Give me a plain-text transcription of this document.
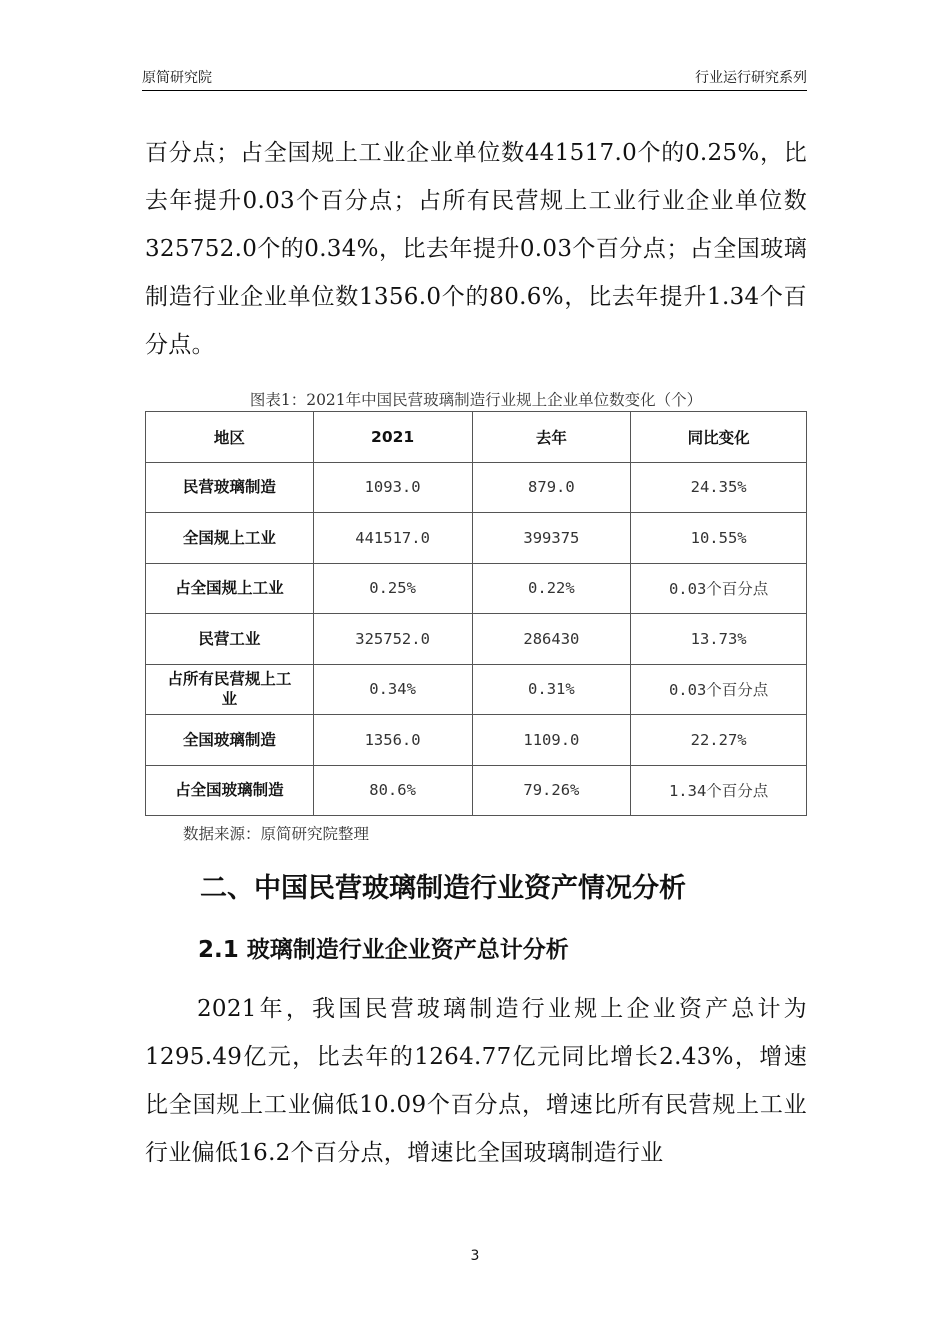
原简研究院	行业运行研究系列
百分点；占全国规上工业企业单位数441517.0个的0.25%，比去年提升0.03个百分点；占所有民营规上工业行业企业单位数325752.0个的0.34%，比去年提升0.03个百分点；占全国玻璃制造行业企业单位数1356.0个的80.6%，比去年提升1.34个百分点。
图表1：2021年中国民营玻璃制造行业规上企业单位数变化（个）
地区	2021	去年	同比变化
民营玻璃制造	1093.0	879.0	24.35%
全国规上工业	441517.0	399375	10.55%
占全国规上工业	0.25%	0.22%	0.03个百分点
民营工业	325752.0	286430	13.73%
占所有民营规上工业	0.34%	0.31%	0.03个百分点
全国玻璃制造	1356.0	1109.0	22.27%
占全国玻璃制造	80.6%	79.26%	1.34个百分点
数据来源：原简研究院整理
二、中国民营玻璃制造行业资产情况分析
2.1 玻璃制造行业企业资产总计分析
2021年，我国民营玻璃制造行业规上企业资产总计为1295.49亿元，比去年的1264.77亿元同比增长2.43%，增速比全国规上工业偏低10.09个百分点，增速比所有民营规上工业行业偏低16.2个百分点，增速比全国玻璃制造行业
3
